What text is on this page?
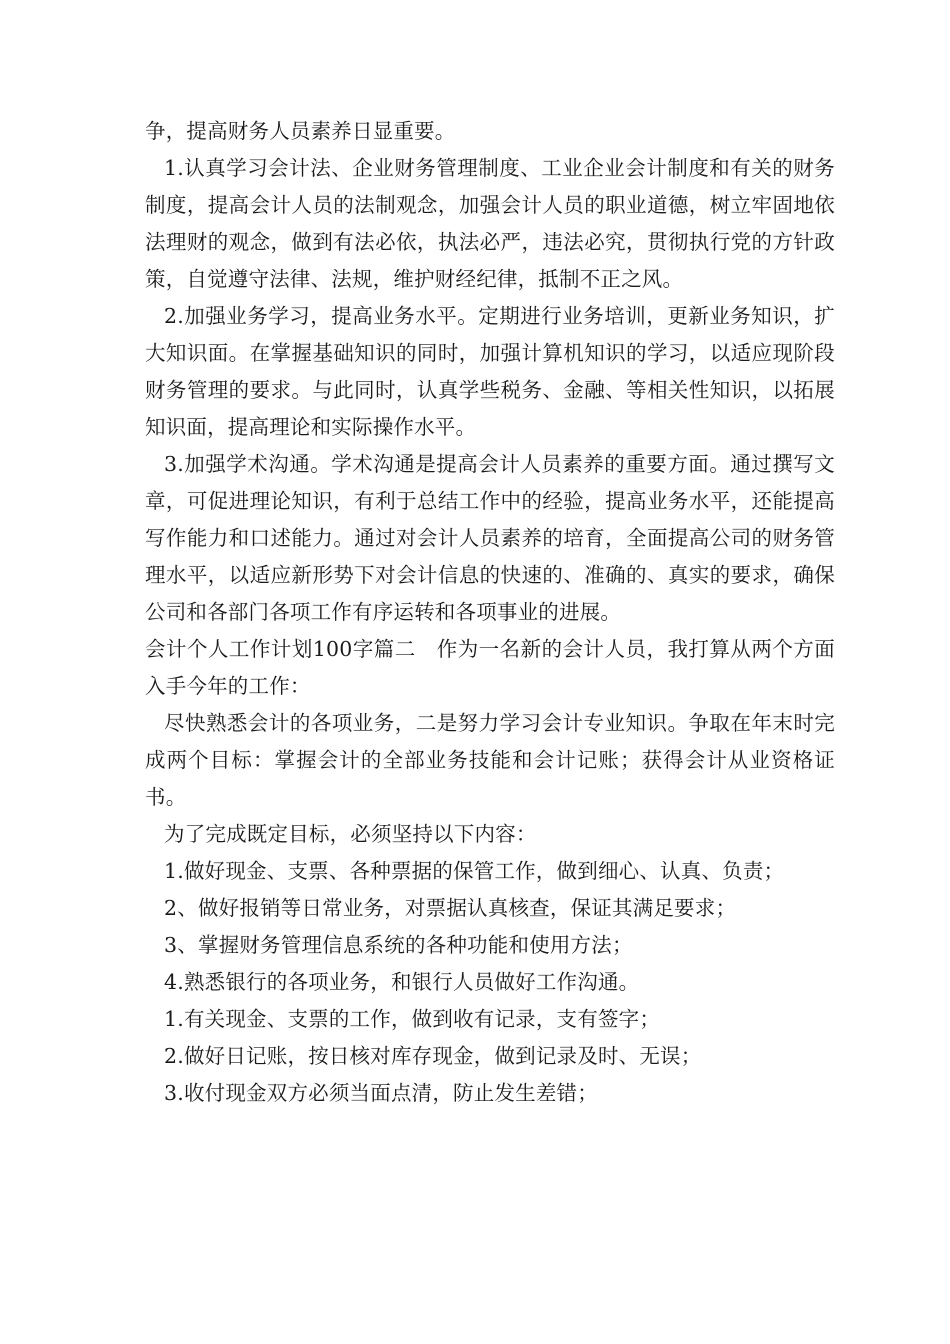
争，提高财务人员素养日显重要。

1.认真学习会计法、企业财务管理制度、工业企业会计制度和有关的财务制度，提高会计人员的法制观念，加强会计人员的职业道德，树立牢固地依法理财的观念，做到有法必依，执法必严，违法必究，贯彻执行党的方针政策，自觉遵守法律、法规，维护财经纪律，抵制不正之风。

2.加强业务学习，提高业务水平。定期进行业务培训，更新业务知识，扩大知识面。在掌握基础知识的同时，加强计算机知识的学习，以适应现阶段财务管理的要求。与此同时，认真学些税务、金融、等相关性知识，以拓展知识面，提高理论和实际操作水平。

3.加强学术沟通。学术沟通是提高会计人员素养的重要方面。通过撰写文章，可促进理论知识，有利于总结工作中的经验，提高业务水平，还能提高写作能力和口述能力。通过对会计人员素养的培育，全面提高公司的财务管理水平，以适应新形势下对会计信息的快速的、准确的、真实的要求，确保公司和各部门各项工作有序运转和各项事业的进展。

会计个人工作计划100字篇二　作为一名新的会计人员，我打算从两个方面入手今年的工作：

尽快熟悉会计的各项业务，二是努力学习会计专业知识。争取在年末时完成两个目标：掌握会计的全部业务技能和会计记账；获得会计从业资格证书。

为了完成既定目标，必须坚持以下内容：

1.做好现金、支票、各种票据的保管工作，做到细心、认真、负责；

2、做好报销等日常业务，对票据认真核查，保证其满足要求；

3、掌握财务管理信息系统的各种功能和使用方法；

4.熟悉银行的各项业务，和银行人员做好工作沟通。

1.有关现金、支票的工作，做到收有记录，支有签字；

2.做好日记账，按日核对库存现金，做到记录及时、无误；

3.收付现金双方必须当面点清，防止发生差错；
